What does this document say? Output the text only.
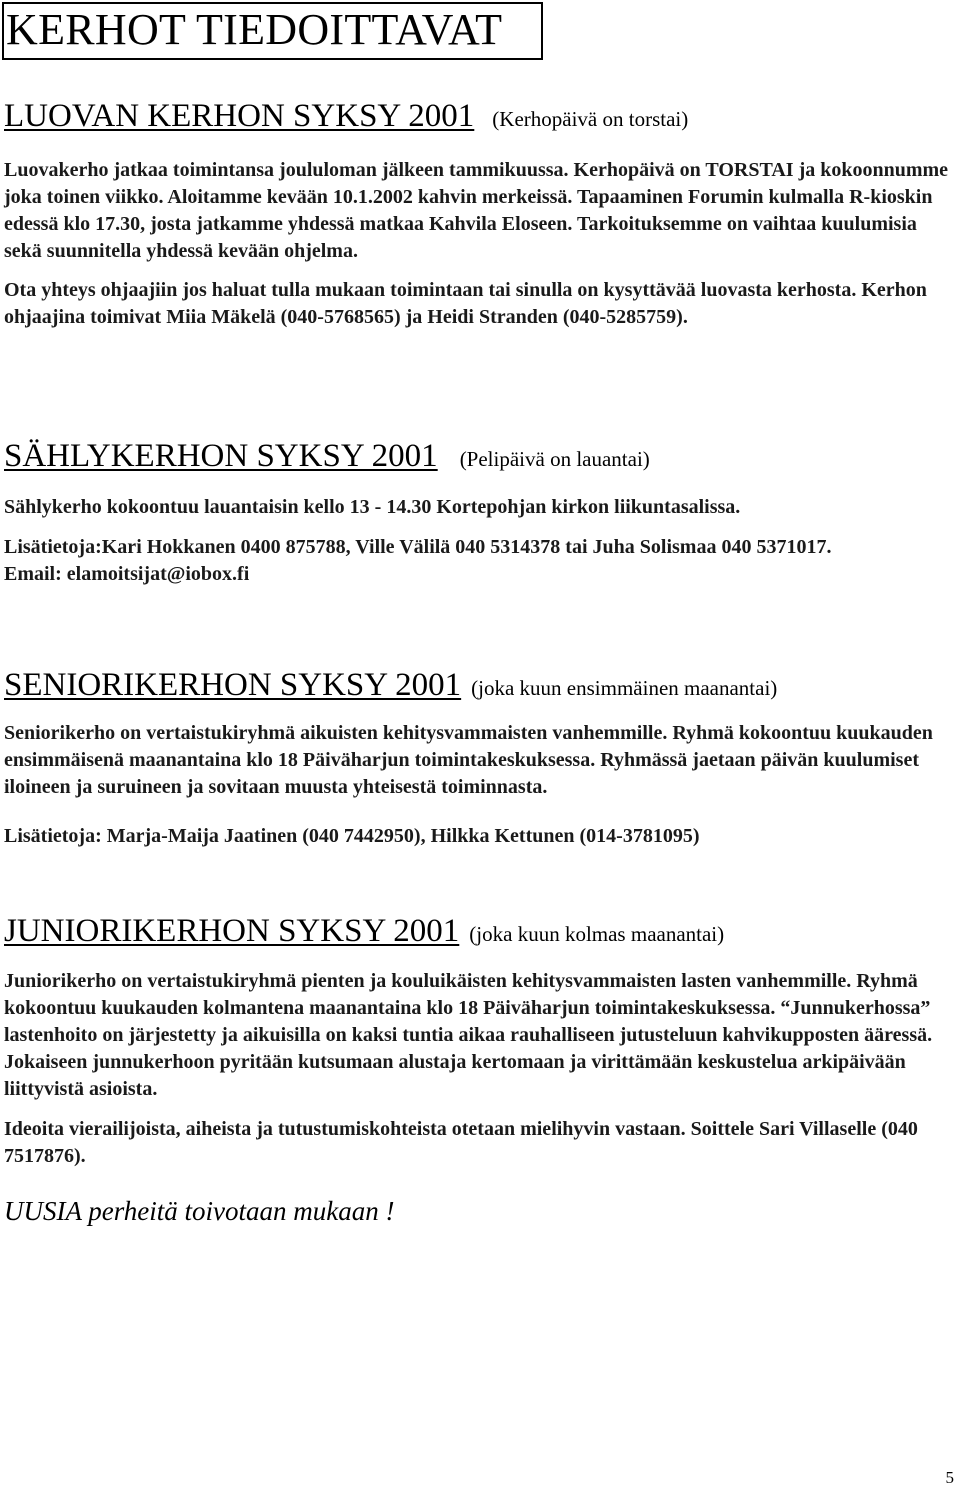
KERHOT TIEDOITTAVAT
LUOVAN KERHON SYKSY 2001 (Kerhopäivä on torstai)

Luovakerho jatkaa toimintansa joululoman jälkeen tammikuussa. Kerhopäivä on TORSTAI ja kokoonnumme joka toinen viikko. Aloitamme kevään 10.1.2002 kahvin merkeissä. Tapaaminen Forumin kulmalla R-kioskin edessä klo 17.30, josta jatkamme yhdessä matkaa Kahvila Eloseen. Tarkoituksemme on vaihtaa kuulumisia sekä suunnitella yhdessä kevään ohjelma.

Ota yhteys ohjaajiin jos haluat tulla mukaan toimintaan tai sinulla on kysyttävää luovasta kerhosta. Kerhon ohjaajina toimivat Miia Mäkelä (040-5768565) ja Heidi Stranden (040-5285759).

SÄHLYKERHON SYKSY 2001 (Pelipäivä on lauantai)

Sählykerho kokoontuu lauantaisin kello 13 - 14.30 Kortepohjan kirkon liikuntasalissa.

Lisätietoja:Kari Hokkanen 0400 875788, Ville Välilä 040 5314378 tai Juha Solismaa 040 5371017.

Email: elamoitsijat@iobox.fi

SENIORIKERHON SYKSY 2001 (joka kuun ensimmäinen maanantai)

Seniorikerho on vertaistukiryhmä aikuisten kehitysvammaisten vanhemmille. Ryhmä kokoontuu kuukauden ensimmäisenä maanantaina klo 18 Päiväharjun toimintakeskuksessa. Ryhmässä jaetaan päivän kuulumiset iloineen ja suruineen ja sovitaan muusta yhteisestä toiminnasta.

Lisätietoja: Marja-Maija Jaatinen (040 7442950), Hilkka Kettunen (014-3781095)

JUNIORIKERHON SYKSY 2001 (joka kuun kolmas maanantai)

Juniorikerho on vertaistukiryhmä pienten ja kouluikäisten kehitysvammaisten lasten vanhemmille. Ryhmä kokoontuu kuukauden kolmantena maanantaina klo 18 Päiväharjun toimintakeskuksessa. “Junnukerhossa” lastenhoito on järjestetty ja aikuisilla on kaksi tuntia aikaa rauhalliseen jutusteluun kahvikupposten ääressä. Jokaiseen junnukerhoon pyritään kutsumaan alustaja kertomaan ja virittämään keskustelua arkipäivään liittyvistä asioista.

Ideoita vierailijoista, aiheista ja tutustumiskohteista otetaan mielihyvin vastaan. Soittele Sari Villaselle (040 7517876).

UUSIA perheitä toivotaan mukaan !
5
